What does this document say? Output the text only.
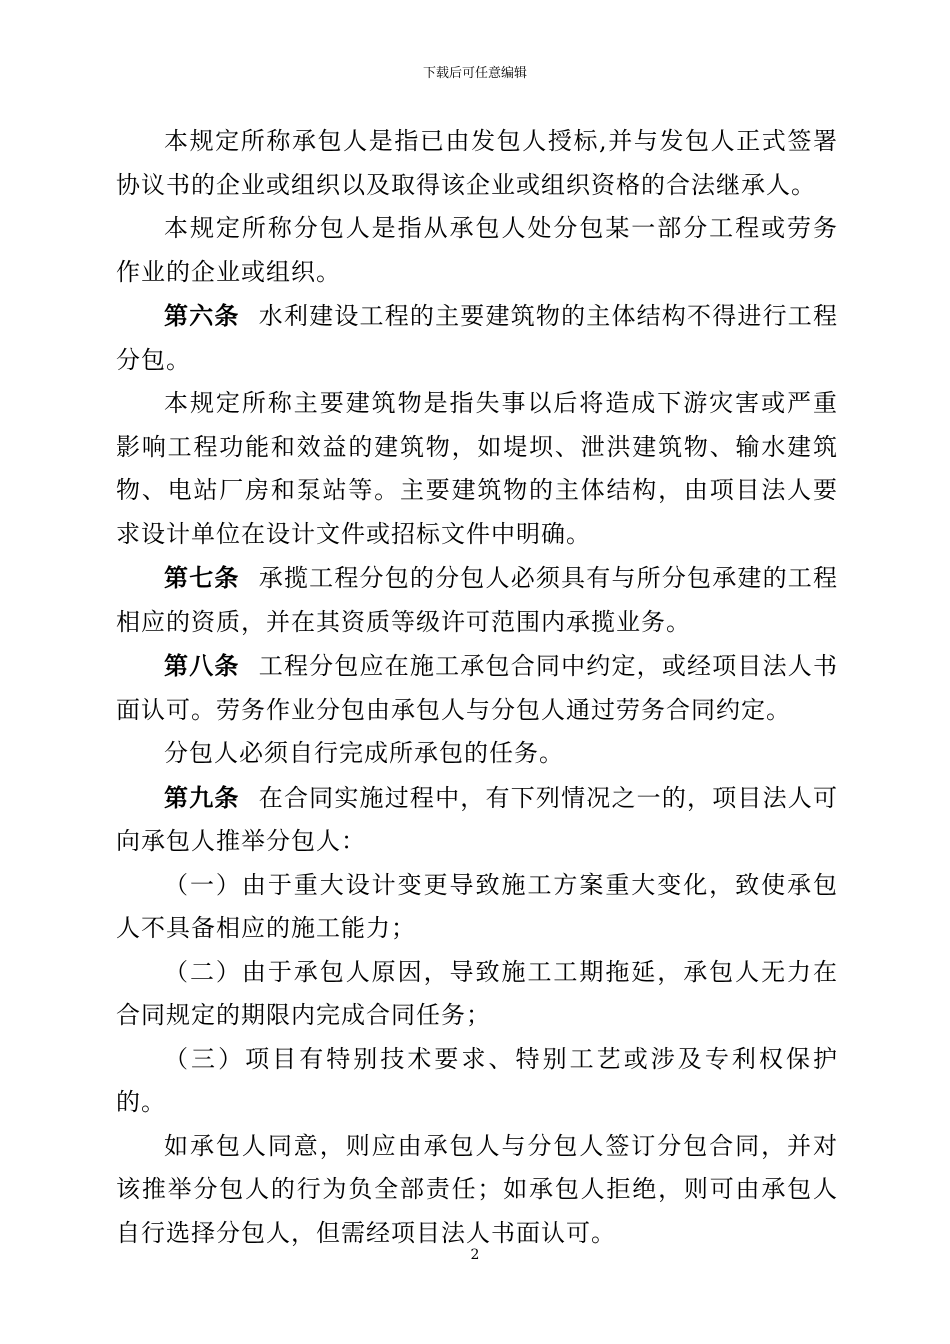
下载后可任意编辑

本规定所称承包人是指已由发包人授标,并与发包人正式签署协议书的企业或组织以及取得该企业或组织资格的合法继承人。

本规定所称分包人是指从承包人处分包某一部分工程或劳务作业的企业或组织。

第六条 水利建设工程的主要建筑物的主体结构不得进行工程分包。

本规定所称主要建筑物是指失事以后将造成下游灾害或严重影响工程功能和效益的建筑物，如堤坝、泄洪建筑物、输水建筑物、电站厂房和泵站等。主要建筑物的主体结构，由项目法人要求设计单位在设计文件或招标文件中明确。

第七条 承揽工程分包的分包人必须具有与所分包承建的工程相应的资质，并在其资质等级许可范围内承揽业务。

第八条 工程分包应在施工承包合同中约定，或经项目法人书面认可。劳务作业分包由承包人与分包人通过劳务合同约定。

分包人必须自行完成所承包的任务。

第九条 在合同实施过程中，有下列情况之一的，项目法人可向承包人推举分包人：

（一）由于重大设计变更导致施工方案重大变化，致使承包人不具备相应的施工能力；

（二）由于承包人原因，导致施工工期拖延，承包人无力在合同规定的期限内完成合同任务；

（三）项目有特别技术要求、特别工艺或涉及专利权保护的。

如承包人同意，则应由承包人与分包人签订分包合同，并对该推举分包人的行为负全部责任；如承包人拒绝，则可由承包人自行选择分包人，但需经项目法人书面认可。

2
